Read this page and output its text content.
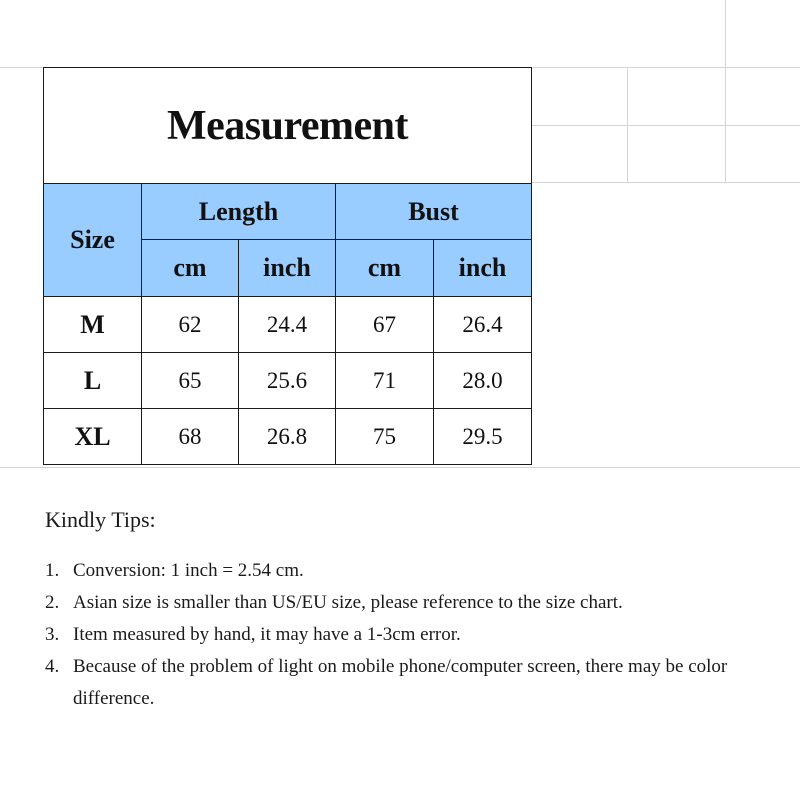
Measurement				
Size	Length		Bust	
	cm	inch	cm	inch
M	62	24.4	67	26.4
L	65	25.6	71	28.0
XL	68	26.8	75	29.5
Kindly Tips:
1. Conversion: 1 inch = 2.54 cm.
2. Asian size is smaller than US/EU size, please reference to the size chart.
3. Item measured by hand, it may have a 1-3cm error.
4. Because of the problem of light on mobile phone/computer screen, there may be color difference.
